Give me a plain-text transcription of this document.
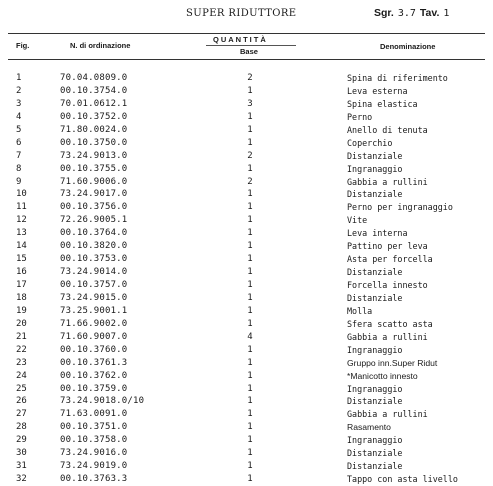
SUPER RIDUTTORE	Sgr. 3.7 Tav. 1
Fig.	N. di ordinazione
QUANTITÀ
Base
Denominazione
1	70.04.0809.0	2	Spina di riferimento
2	00.10.3754.0	1	Leva esterna
3	70.01.0612.1	3	Spina elastica
4	00.10.3752.0	1	Perno
5	71.80.0024.0	1	Anello di tenuta
6	00.10.3750.0	1	Coperchio
7	73.24.9013.0	2	Distanziale
8	00.10.3755.0	1	Ingranaggio
9	71.60.9006.0	2	Gabbia a rullini
10	73.24.9017.0	1	Distanziale
11	00.10.3756.0	1	Perno per ingranaggio
12	72.26.9005.1	1	Vite
13	00.10.3764.0	1	Leva interna
14	00.10.3820.0	1	Pattino per leva
15	00.10.3753.0	1	Asta per forcella
16	73.24.9014.0	1	Distanziale
17	00.10.3757.0	1	Forcella innesto
18	73.24.9015.0	1	Distanziale
19	73.25.9001.1	1	Molla
20	71.66.9002.0	1	Sfera scatto asta
21	71.60.9007.0	4	Gabbia a rullini
22	00.10.3760.0	1	Ingranaggio
23	00.10.3761.3	1	Gruppo inn.Super Ridut
24	00.10.3762.0	1	*Manicotto innesto
25	00.10.3759.0	1	Ingranaggio
26	73.24.9018.0/10	1	Distanziale
27	71.63.0091.0	1	Gabbia a rullini
28	00.10.3751.0	1	Rasamento
29	00.10.3758.0	1	Ingranaggio
30	73.24.9016.0	1	Distanziale
31	73.24.9019.0	1	Distanziale
32	00.10.3763.3	1	Tappo con asta livello
